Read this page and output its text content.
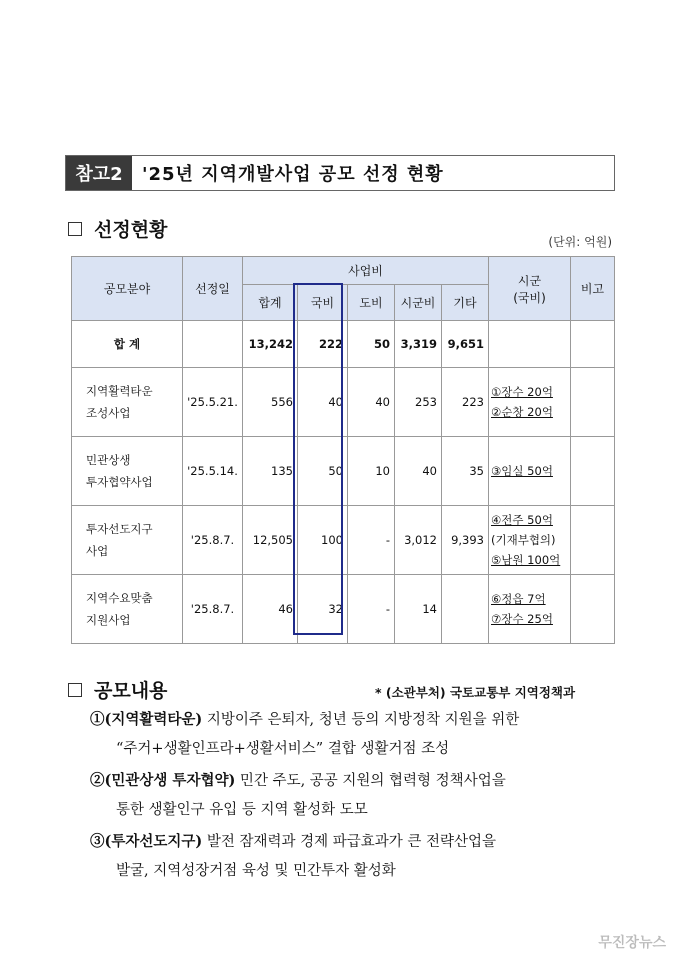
참고2	'25년 지역개발사업 공모 선정 현황
선정현황
(단위: 억원)
공모분야	선정일	사업비					시군
(국비)	비고
		합계	국비	도비	시군비	기타		
합 계		13,242	222	50	3,319	9,651		
지역활력타운
조성사업	'25.5.21.	556	40	40	253	223	①장수 20억
②순창 20억	

민관상생
투자협약사업	'25.5.14.	135	50	10	40	35	③임실 50억	

투자선도지구
사업	'25.8.7.	12,505	100	-	3,012	9,393	④전주 50억
(기재부협의)
⑤남원 100억	

지역수요맞춤
지원사업	'25.8.7.	46	32	-	14		⑥정읍 7억
⑦장수 25억	

공모내용	* (소관부처) 국토교통부 지역정책과
①(지역활력타운) 지방이주 은퇴자, 청년 등의 지방정착 지원을 위한
“주거+생활인프라+생활서비스” 결합 생활거점 조성
②(민관상생 투자협약) 민간 주도, 공공 지원의 협력형 정책사업을
통한 생활인구 유입 등 지역 활성화 도모
③(투자선도지구) 발전 잠재력과 경제 파급효과가 큰 전략산업을
발굴, 지역성장거점 육성 및 민간투자 활성화
무진장뉴스
